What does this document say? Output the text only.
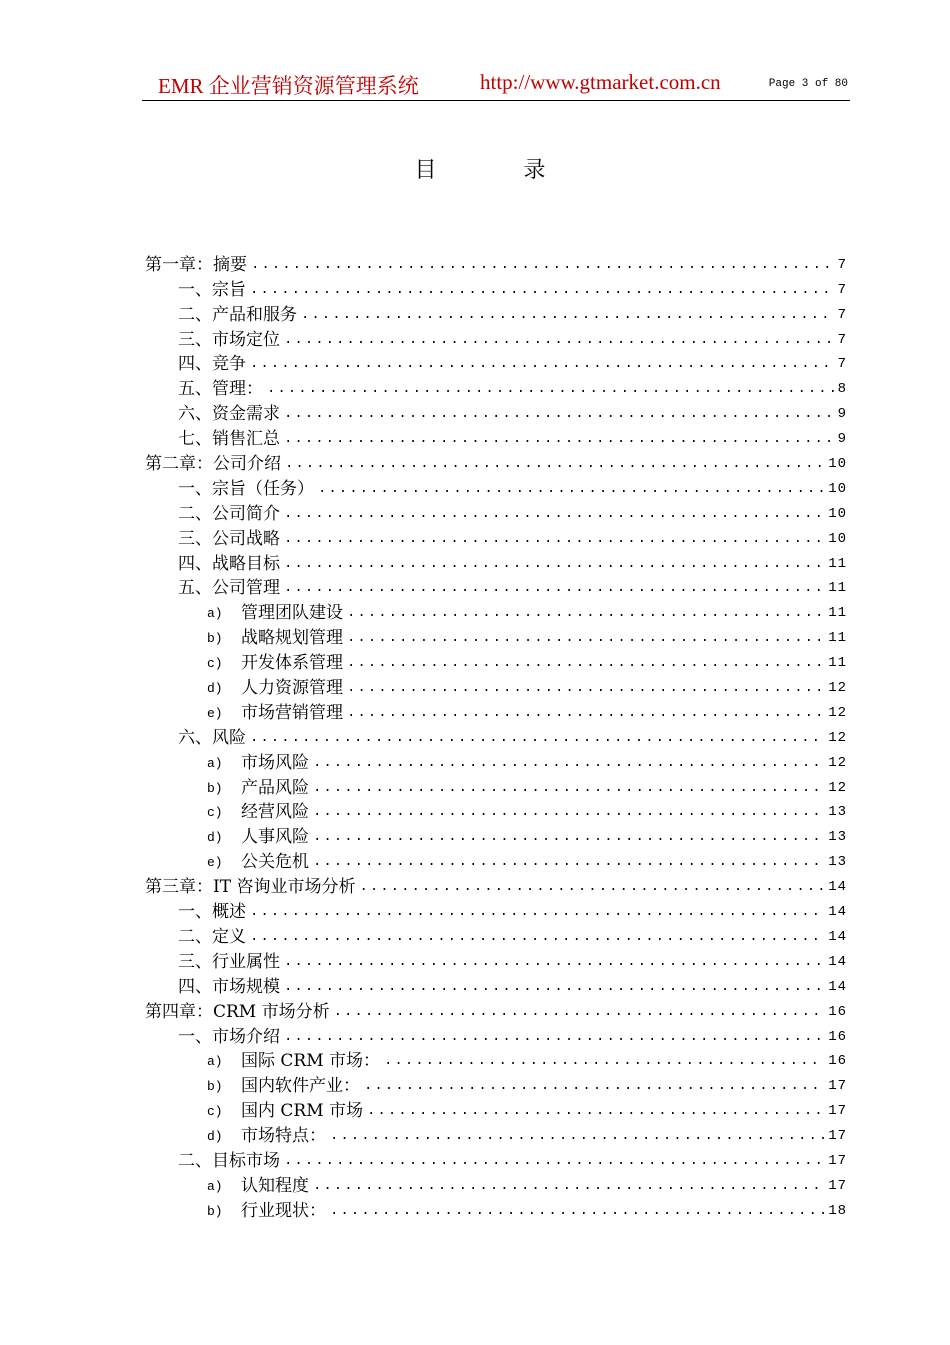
EMR 企业营销资源管理系统	http://www.gtmarket.com.cn	Page 3 of 80
目 录
第一章：摘要 .....	7
一、宗旨 .....	7
二、产品和服务 .....	7
三、市场定位 .....	7
四、竞争 .....	7
五、管理： .....	8
六、资金需求 .....	9
七、销售汇总 .....	9
第二章：公司介绍 .....	10
一、宗旨（任务） .....	10
二、公司简介 .....	10
三、公司战略 .....	10
四、战略目标 .....	11
五、公司管理 .....	11
a)	管理团队建设 .....	11
b)	战略规划管理 .....	11
c)	开发体系管理 .....	11
d)	人力资源管理 .....	12
e)	市场营销管理 .....	12
六、风险 .....	12
a)	市场风险 .....	12
b)	产品风险 .....	12
c)	经营风险 .....	13
d)	人事风险 .....	13
e)	公关危机 .....	13
第三章：IT 咨询业市场分析 .....	14
一、概述 .....	14
二、定义 .....	14
三、行业属性 .....	14
四、市场规模 .....	14
第四章：CRM 市场分析 .....	16
一、市场介绍 .....	16
a)	国际 CRM 市场： .....	16
b)	国内软件产业： .....	17
c)	国内 CRM 市场 .....	17
d)	市场特点： .....	17
二、目标市场 .....	17
a)	认知程度 .....	17
b)	行业现状： .....	18
